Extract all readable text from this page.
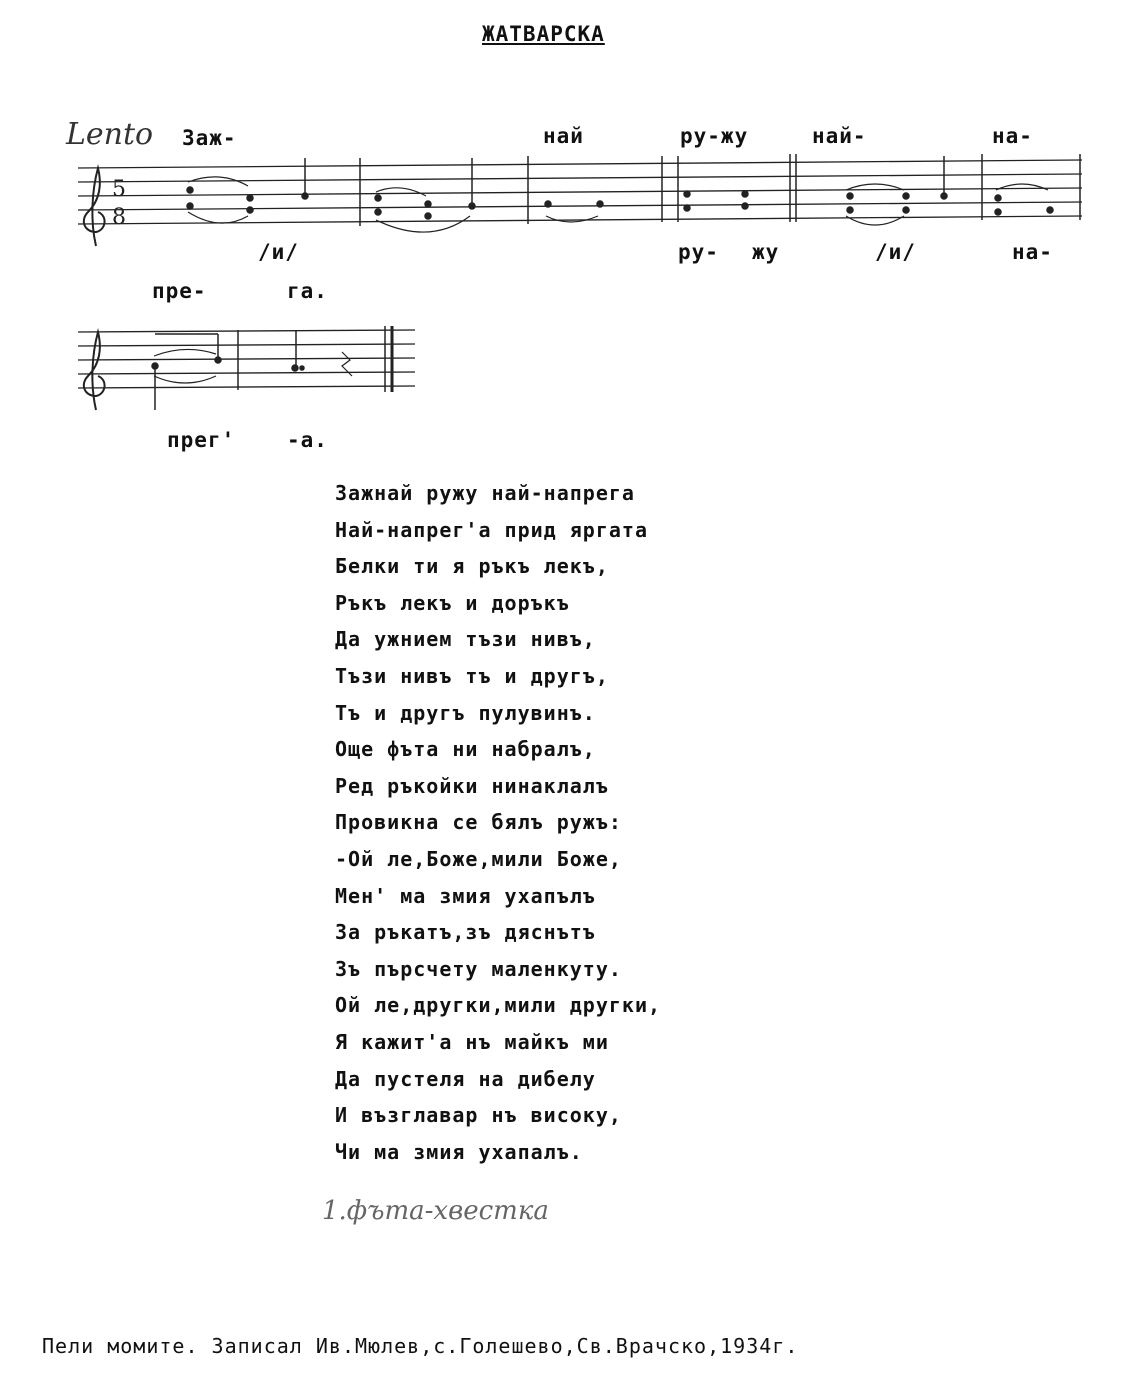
ЖАТВАРСКА
Lento Заж-	най	ру-жу	най-	на-
5
8
/и/	ру- жу	/и/	на-
пре-	га.
прег' -а.
Зажнай ружу най-напрега
Най-напрег'а прид яргата
Белки ти я ръкъ лекъ,
Ръкъ лекъ и доръкъ
Да ужнием тъзи нивъ,
Тъзи нивъ тъ и другъ,
Тъ и другъ пулувинъ.
Още фъта ни набралъ,
Ред ръкойки нинаклалъ
Провикна се бялъ ружъ:
-Ой ле,Боже,мили Боже,
Мен' ма змия ухапълъ
За ръкатъ,зъ дяснътъ
Зъ пърсчету маленкуту.
Ой ле,другки,мили другки,
Я кажит'а нъ майкъ ми
Да пустеля на дибелу
И възглавар нъ високу,
Чи ма змия ухапалъ.
1.фъта-хвестка
Пели момите. Записал Ив.Мюлев,с.Голешево,Св.Врачско,1934г.
